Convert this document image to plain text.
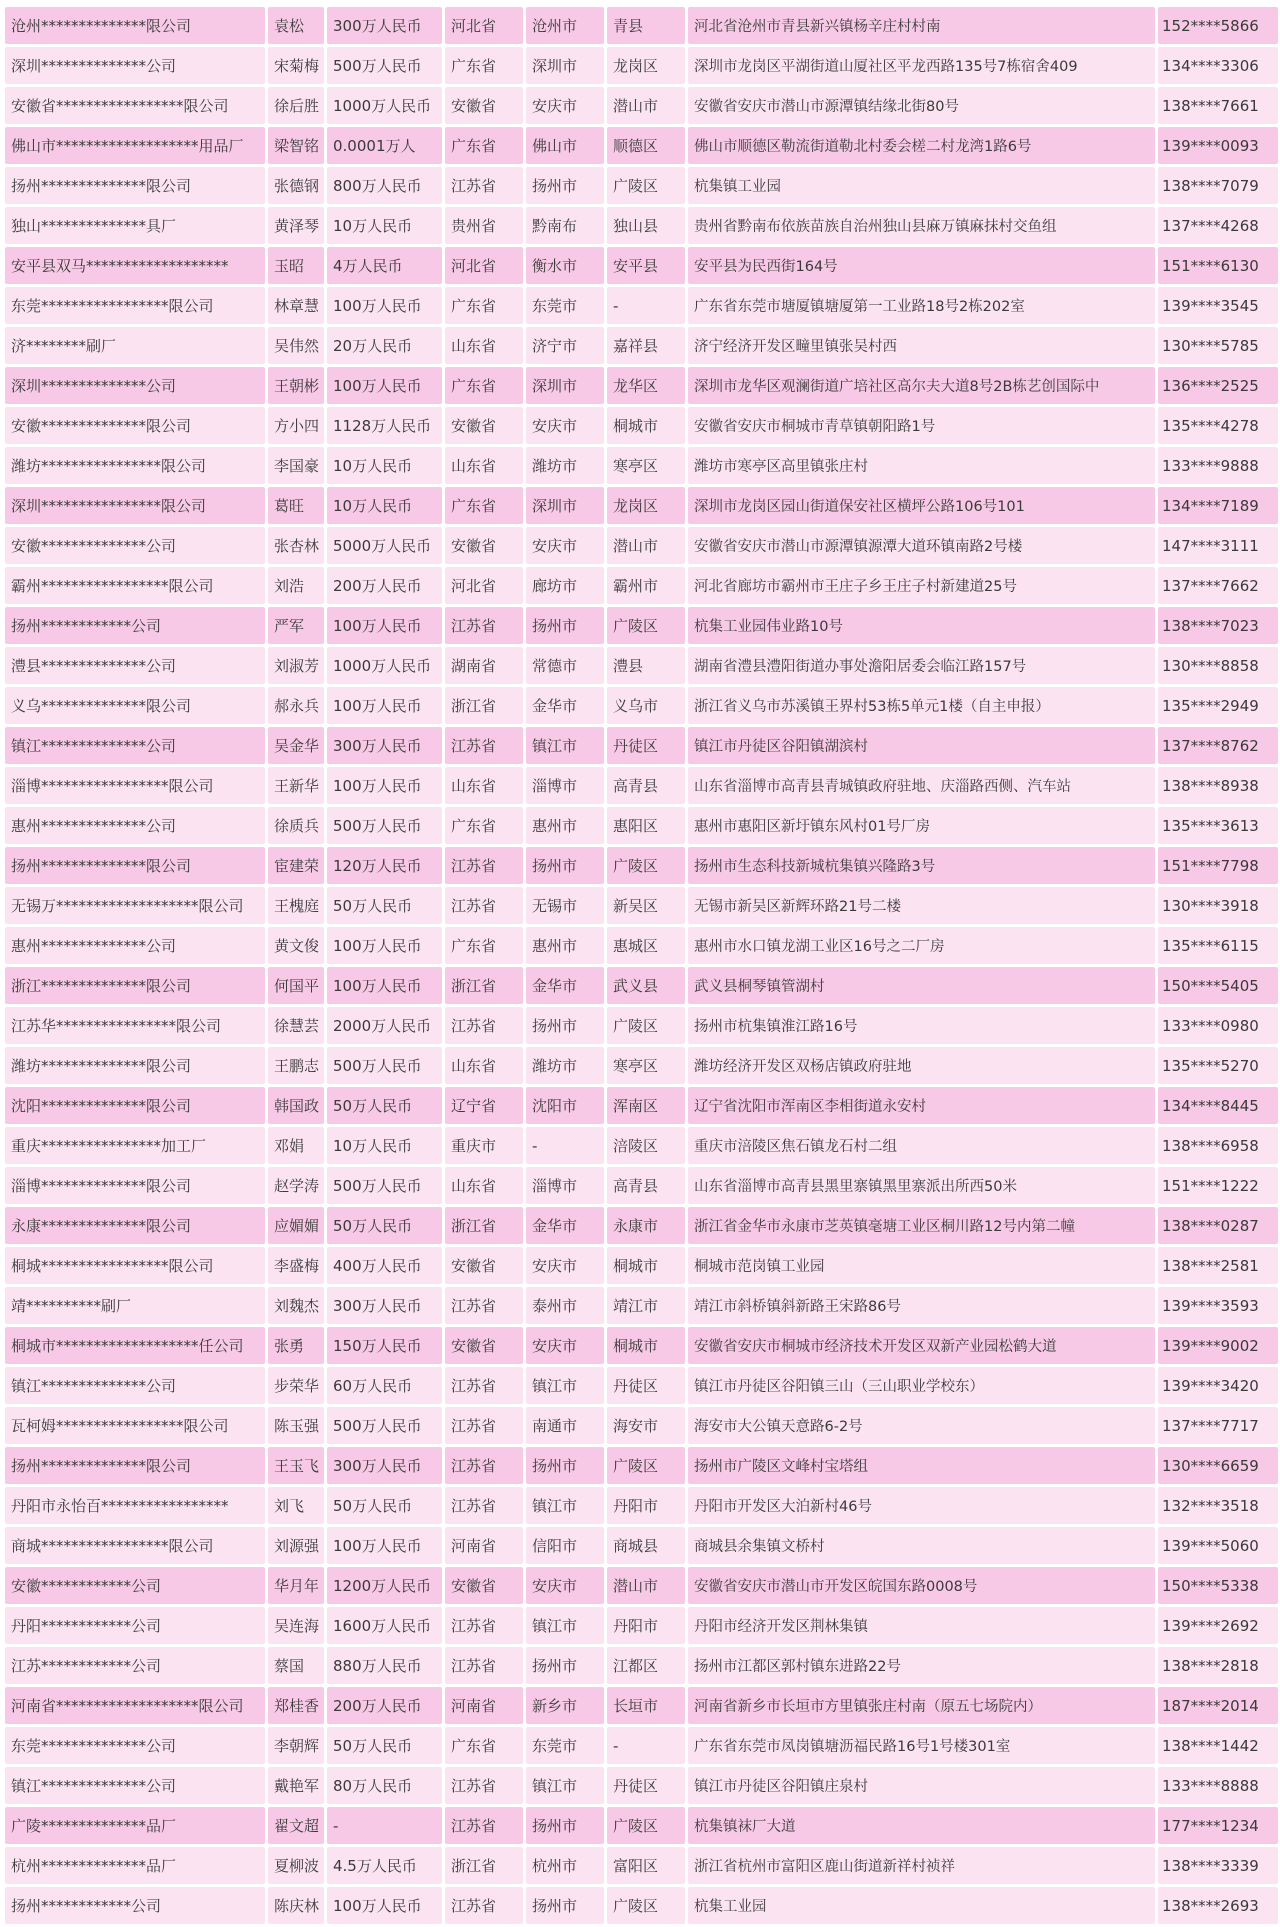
沧州**************限公司	袁松	300万人民币	河北省	沧州市	青县	河北省沧州市青县新兴镇杨辛庄村村南	152****5866
深圳**************公司	宋菊梅	500万人民币	广东省	深圳市	龙岗区	深圳市龙岗区平湖街道山厦社区平龙西路135号7栋宿舍409	134****3306
安徽省*****************限公司	徐后胜	1000万人民币	安徽省	安庆市	潜山市	安徽省安庆市潜山市源潭镇结缘北街80号	138****7661
佛山市*******************用品厂	梁智铭	0.0001万人	广东省	佛山市	顺德区	佛山市顺德区勒流街道勒北村委会槎二村龙湾1路6号	139****0093
扬州**************限公司	张德钢	800万人民币	江苏省	扬州市	广陵区	杭集镇工业园	138****7079
独山**************具厂	黄泽琴	10万人民币	贵州省	黔南布	独山县	贵州省黔南布依族苗族自治州独山县麻万镇麻抹村交鱼组	137****4268
安平县双马*******************	玉昭	4万人民币	河北省	衡水市	安平县	安平县为民西街164号	151****6130
东莞*****************限公司	林章慧	100万人民币	广东省	东莞市	-	广东省东莞市塘厦镇塘厦第一工业路18号2栋202室	139****3545
济********刷厂	吴伟然	20万人民币	山东省	济宁市	嘉祥县	济宁经济开发区疃里镇张吴村西	130****5785
深圳**************公司	王朝彬	100万人民币	广东省	深圳市	龙华区	深圳市龙华区观澜街道广培社区高尔夫大道8号2B栋艺创国际中	136****2525
安徽**************限公司	方小四	1128万人民币	安徽省	安庆市	桐城市	安徽省安庆市桐城市青草镇朝阳路1号	135****4278
潍坊****************限公司	李国豪	10万人民币	山东省	潍坊市	寒亭区	潍坊市寒亭区高里镇张庄村	133****9888
深圳****************限公司	葛旺	10万人民币	广东省	深圳市	龙岗区	深圳市龙岗区园山街道保安社区横坪公路106号101	134****7189
安徽**************公司	张杏林	5000万人民币	安徽省	安庆市	潜山市	安徽省安庆市潜山市源潭镇源潭大道环镇南路2号楼	147****3111
霸州*****************限公司	刘浩	200万人民币	河北省	廊坊市	霸州市	河北省廊坊市霸州市王庄子乡王庄子村新建道25号	137****7662
扬州************公司	严军	100万人民币	江苏省	扬州市	广陵区	杭集工业园伟业路10号	138****7023
澧县**************公司	刘淑芳	1000万人民币	湖南省	常德市	澧县	湖南省澧县澧阳街道办事处澹阳居委会临江路157号	130****8858
义乌**************限公司	郝永兵	100万人民币	浙江省	金华市	义乌市	浙江省义乌市苏溪镇王界村53栋5单元1楼（自主申报）	135****2949
镇江**************公司	吴金华	300万人民币	江苏省	镇江市	丹徒区	镇江市丹徒区谷阳镇湖滨村	137****8762
淄博*****************限公司	王新华	100万人民币	山东省	淄博市	高青县	山东省淄博市高青县青城镇政府驻地、庆淄路西侧、汽车站	138****8938
惠州**************公司	徐质兵	500万人民币	广东省	惠州市	惠阳区	惠州市惠阳区新圩镇东风村01号厂房	135****3613
扬州**************限公司	宦建荣	120万人民币	江苏省	扬州市	广陵区	扬州市生态科技新城杭集镇兴隆路3号	151****7798
无锡万*******************限公司	王槐庭	50万人民币	江苏省	无锡市	新吴区	无锡市新吴区新辉环路21号二楼	130****3918
惠州**************公司	黄文俊	100万人民币	广东省	惠州市	惠城区	惠州市水口镇龙湖工业区16号之二厂房	135****6115
浙江**************限公司	何国平	100万人民币	浙江省	金华市	武义县	武义县桐琴镇管湖村	150****5405
江苏华****************限公司	徐慧芸	2000万人民币	江苏省	扬州市	广陵区	扬州市杭集镇淮江路16号	133****0980
潍坊**************限公司	王鹏志	500万人民币	山东省	潍坊市	寒亭区	潍坊经济开发区双杨店镇政府驻地	135****5270
沈阳**************限公司	韩国政	50万人民币	辽宁省	沈阳市	浑南区	辽宁省沈阳市浑南区李相街道永安村	134****8445
重庆****************加工厂	邓娟	10万人民币	重庆市	-	涪陵区	重庆市涪陵区焦石镇龙石村二组	138****6958
淄博**************限公司	赵学涛	500万人民币	山东省	淄博市	高青县	山东省淄博市高青县黑里寨镇黑里寨派出所西50米	151****1222
永康**************限公司	应媚媚	50万人民币	浙江省	金华市	永康市	浙江省金华市永康市芝英镇毫塘工业区桐川路12号内第二幢	138****0287
桐城*****************限公司	李盛梅	400万人民币	安徽省	安庆市	桐城市	桐城市范岗镇工业园	138****2581
靖**********刷厂	刘魏杰	300万人民币	江苏省	泰州市	靖江市	靖江市斜桥镇斜新路王宋路86号	139****3593
桐城市*******************任公司	张勇	150万人民币	安徽省	安庆市	桐城市	安徽省安庆市桐城市经济技术开发区双新产业园松鹤大道	139****9002
镇江**************公司	步荣华	60万人民币	江苏省	镇江市	丹徒区	镇江市丹徒区谷阳镇三山（三山职业学校东）	139****3420
瓦柯姆*****************限公司	陈玉强	500万人民币	江苏省	南通市	海安市	海安市大公镇天意路6-2号	137****7717
扬州**************限公司	王玉飞	300万人民币	江苏省	扬州市	广陵区	扬州市广陵区文峰村宝塔组	130****6659
丹阳市永怡百*****************	刘飞	50万人民币	江苏省	镇江市	丹阳市	丹阳市开发区大泊新村46号	132****3518
商城*****************限公司	刘源强	100万人民币	河南省	信阳市	商城县	商城县余集镇文桥村	139****5060
安徽************公司	华月年	1200万人民币	安徽省	安庆市	潜山市	安徽省安庆市潜山市开发区皖国东路0008号	150****5338
丹阳************公司	吴连海	1600万人民币	江苏省	镇江市	丹阳市	丹阳市经济开发区荆林集镇	139****2692
江苏************公司	蔡国	880万人民币	江苏省	扬州市	江都区	扬州市江都区郭村镇东进路22号	138****2818
河南省*******************限公司	郑桂香	200万人民币	河南省	新乡市	长垣市	河南省新乡市长垣市方里镇张庄村南（原五七场院内）	187****2014
东莞**************公司	李朝辉	50万人民币	广东省	东莞市	-	广东省东莞市凤岗镇塘沥福民路16号1号楼301室	138****1442
镇江**************公司	戴艳军	80万人民币	江苏省	镇江市	丹徒区	镇江市丹徒区谷阳镇庄泉村	133****8888
广陵**************品厂	翟文超	-	江苏省	扬州市	广陵区	杭集镇袜厂大道	177****1234
杭州**************品厂	夏柳波	4.5万人民币	浙江省	杭州市	富阳区	浙江省杭州市富阳区鹿山街道新祥村祯祥	138****3339
扬州************公司	陈庆林	100万人民币	江苏省	扬州市	广陵区	杭集工业园	138****2693
